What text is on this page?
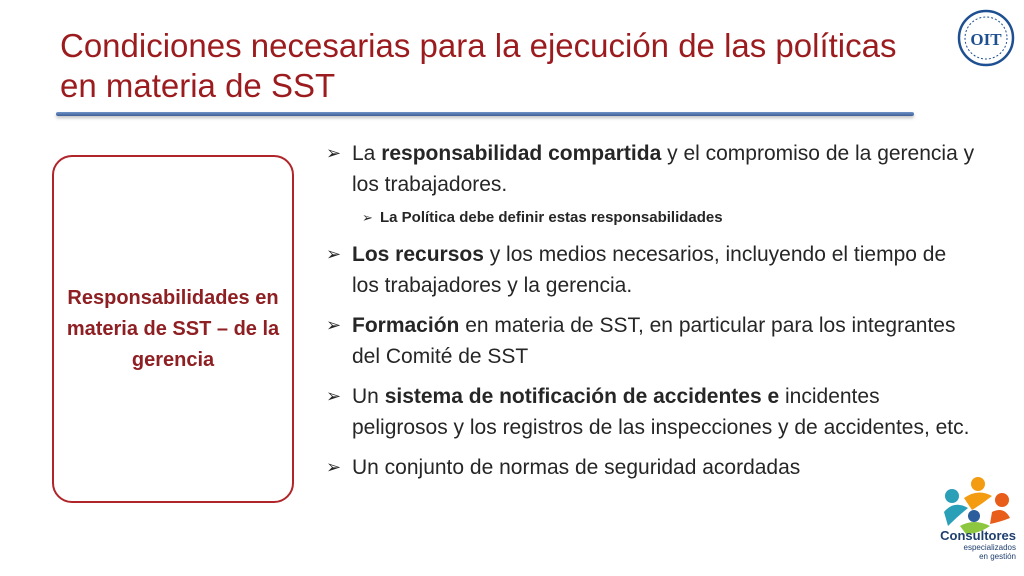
Condiciones necesarias para la ejecución de las políticas en materia de SST
OIT
Responsabilidades en materia de SST – de la gerencia
➢ La responsabilidad compartida y el compromiso de la gerencia y los trabajadores.
➢ La Política debe definir estas responsabilidades
➢ Los recursos y los medios necesarios, incluyendo el tiempo de los trabajadores y la gerencia.
➢ Formación en materia de SST, en particular para los integrantes del Comité de SST
➢ Un sistema de notificación de accidentes e incidentes peligrosos y los registros de las inspecciones y de accidentes, etc.
➢ Un conjunto de normas de seguridad acordadas
Consultores
especializados
en gestión
